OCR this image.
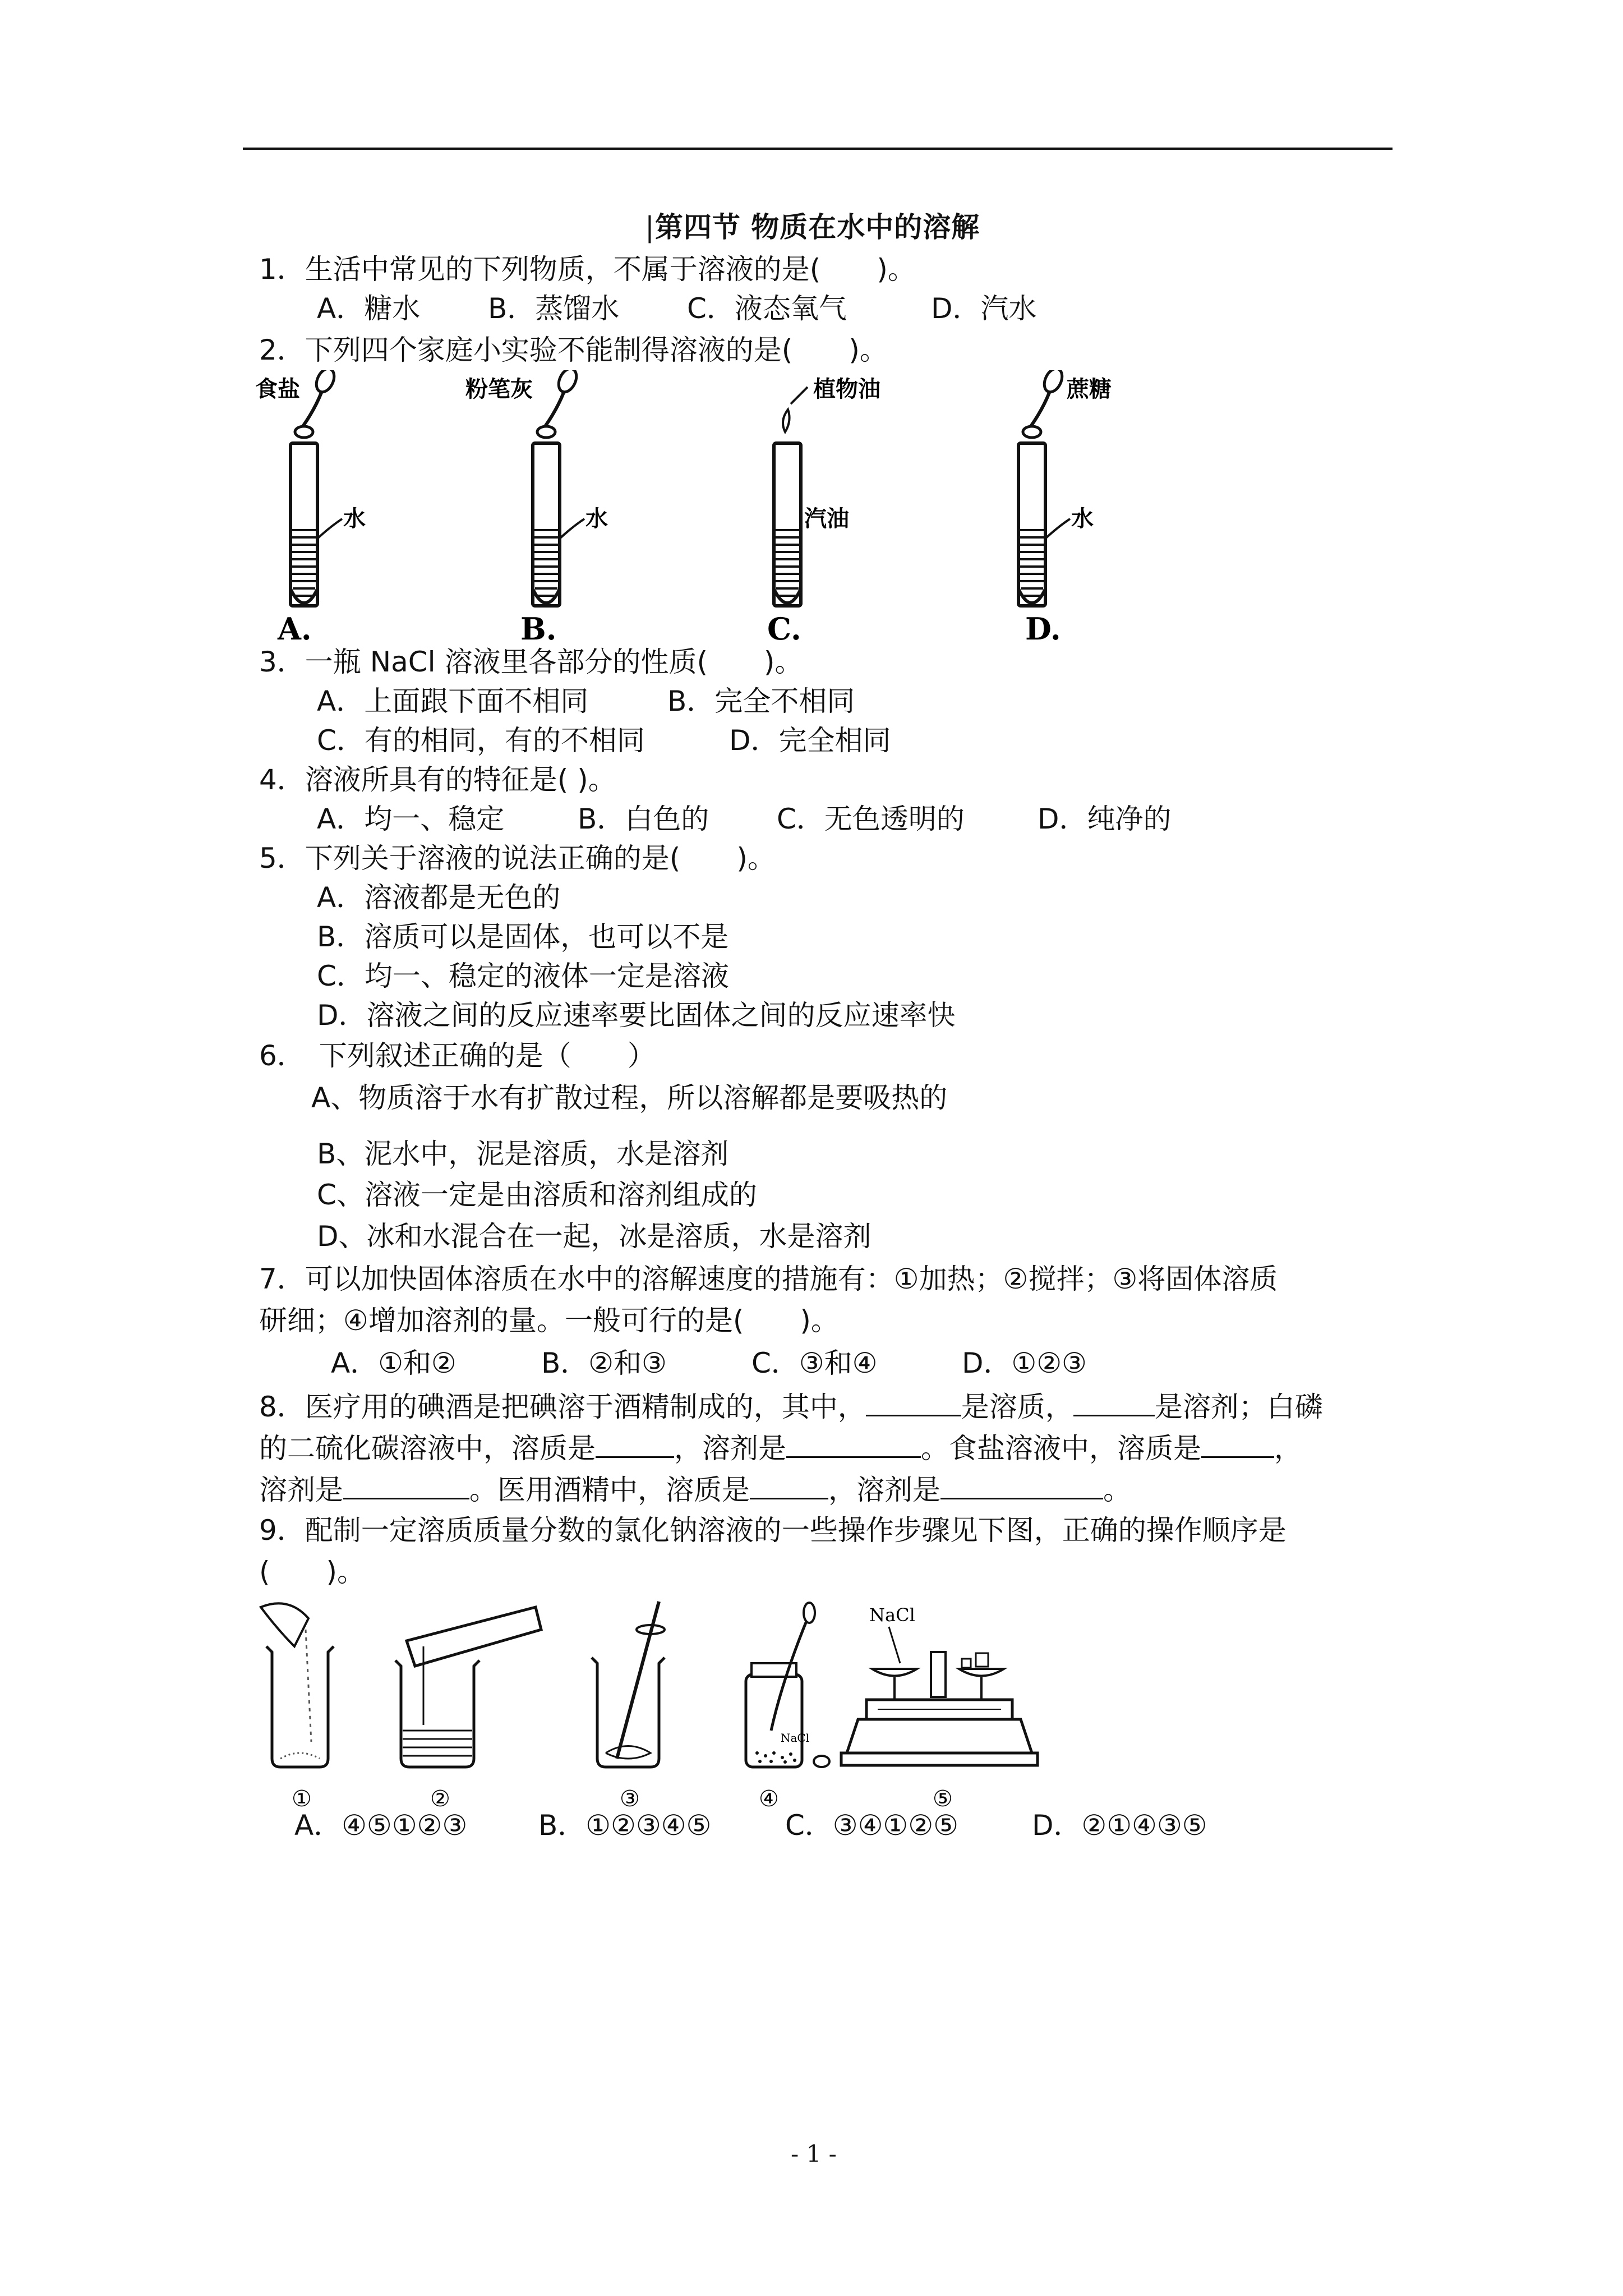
|第四节 物质在水中的溶解
1．生活中常见的下列物质，不属于溶液的是(　　)。
A．糖水 B．蒸馏水 C．液态氧气	D．汽水
2．下列四个家庭小实验不能制得溶液的是(　　)。
食盐
水
A.
粉笔灰
水
B.
植物油
汽油
C.
蔗糖
水
D.
3．一瓶 NaCl 溶液里各部分的性质(　　)。
A．上面跟下面不相同	B．完全不相同
C．有的相同，有的不相同	D．完全相同
4．溶液所具有的特征是( )。
A．均一、稳定	B．白色的 C．无色透明的	D．纯净的
5．下列关于溶液的说法正确的是(　　)。
A．溶液都是无色的
B．溶质可以是固体，也可以不是
C．均一、稳定的液体一定是溶液
D．溶液之间的反应速率要比固体之间的反应速率快
6．　下列叙述正确的是（　　）
A、物质溶于水有扩散过程，所以溶解都是要吸热的
B、泥水中，泥是溶质，水是溶剂
C、溶液一定是由溶质和溶剂组成的
D、冰和水混合在一起，冰是溶质，水是溶剂
7．可以加快固体溶质在水中的溶解速度的措施有：①加热；②搅拌；③将固体溶质
研细；④增加溶剂的量。一般可行的是(　　)。
A．①和②	B．②和③	C．③和④	D．①②③
8．医疗用的碘酒是把碘溶于酒精制成的，其中，	是溶质，	是溶剂；白磷
的二硫化碳溶液中，溶质是	，溶剂是	。食盐溶液中，溶质是	，
溶剂是	。医用酒精中，溶质是	，溶剂是	。
9．配制一定溶质质量分数的氯化钠溶液的一些操作步骤见下图，正确的操作顺序是
(　　)。
①	②	③
NaCl
④
NaCl
⑤
A．④⑤①②③	B．①②③④⑤	C．③④①②⑤	D．②①④③⑤
- 1 -
